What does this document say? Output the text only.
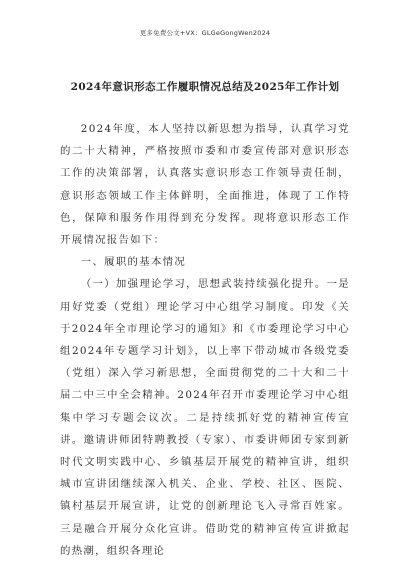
更多免费公文+VX：GLGeGongWen2024
2024年意识形态工作履职情况总结及2025年工作计划

2024年度，本人坚持以新思想为指导，认真学习党的二十大精神，严格按照市委和市委宣传部对意识形态工作的决策部署，认真落实意识形态工作领导责任制，意识形态领域工作主体鲜明，全面推进，体现了工作特色，保障和服务作用得到充分发挥。现将意识形态工作开展情况报告如下：

一、履职的基本情况

（一）加强理论学习，思想武装持续强化提升。一是用好党委（党组）理论学习中心组学习制度。印发《关于2024年全市理论学习的通知》和《市委理论学习中心组2024年专题学习计划》，以上率下带动城市各级党委（党组）深入学习新思想，全面贯彻党的二十大和二十届二中三中全会精神。2024年召开市委理论学习中心组集中学习专题会议次。二是持续抓好党的精神宣传宣讲。邀请讲师团特聘教授（专家）、市委讲师团专家到新时代文明实践中心、乡镇基层开展党的精神宣讲，组织城市宣讲团继续深入机关、企业、学校、社区、医院、镇村基层开展宣讲，让党的创新理论飞入寻常百姓家。三是融合开展分众化宣讲。借助党的精神宣传宣讲掀起的热潮，组织各理论
